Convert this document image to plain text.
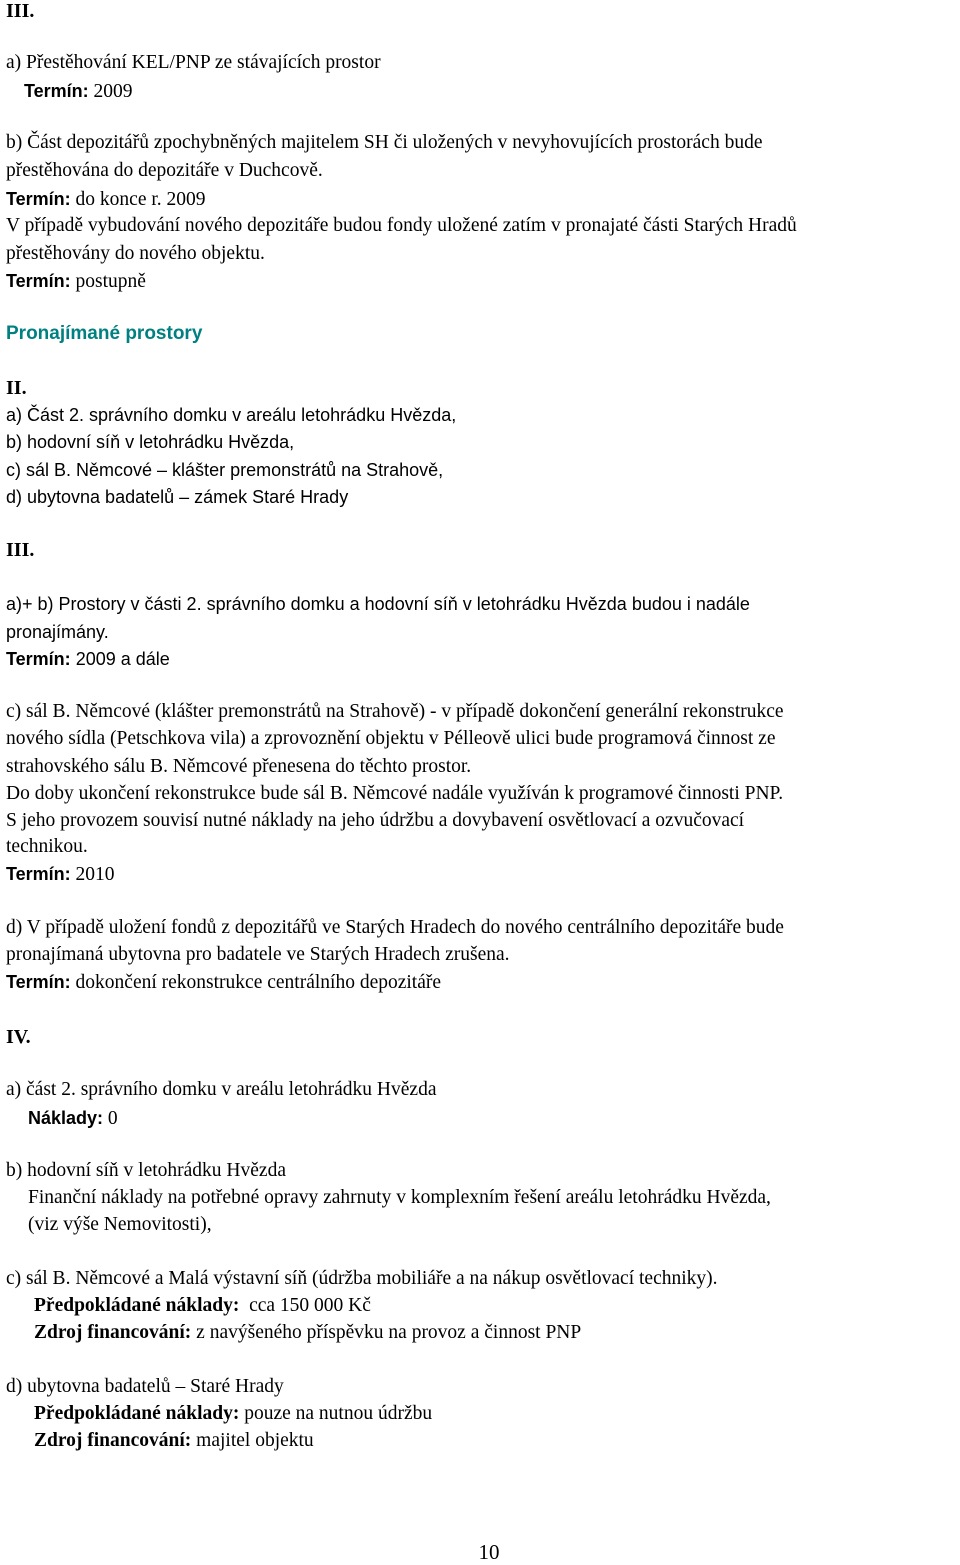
III.
a) Přestěhování KEL/PNP ze stávajících prostor
Termín: 2009
b) Část depozitářů zpochybněných majitelem SH či uložených v nevyhovujících prostorách bude
přestěhována do depozitáře v Duchcově.
Termín: do konce r. 2009
V případě vybudování nového depozitáře budou fondy uložené zatím v pronajaté části Starých Hradů
přestěhovány do nového objektu.
Termín: postupně
Pronajímané prostory
II.
a) Část 2. správního domku v areálu letohrádku Hvězda,
b) hodovní síň v letohrádku Hvězda,
c) sál B. Němcové – klášter premonstrátů na Strahově,
d) ubytovna badatelů – zámek Staré Hrady
III.
a)+ b) Prostory v části 2. správního domku a hodovní síň v letohrádku Hvězda budou i nadále
pronajímány.
Termín: 2009 a dále
c) sál B. Němcové (klášter premonstrátů na Strahově) - v případě dokončení generální rekonstrukce
nového sídla (Petschkova vila) a zprovoznění objektu v Pélleově ulici bude programová činnost ze
strahovského sálu B. Němcové přenesena do těchto prostor.
Do doby ukončení rekonstrukce bude sál B. Němcové nadále využíván k programové činnosti PNP.
S jeho provozem souvisí nutné náklady na jeho údržbu a dovybavení osvětlovací a ozvučovací
technikou.
Termín: 2010
d) V případě uložení fondů z depozitářů ve Starých Hradech do nového centrálního depozitáře bude
pronajímaná ubytovna pro badatele ve Starých Hradech zrušena.
Termín: dokončení rekonstrukce centrálního depozitáře
IV.
a) část 2. správního domku v areálu letohrádku Hvězda
Náklady: 0
b) hodovní síň v letohrádku Hvězda
Finanční náklady na potřebné opravy zahrnuty v komplexním řešení areálu letohrádku Hvězda,
(viz výše Nemovitosti),
c) sál B. Němcové a Malá výstavní síň (údržba mobiliáře a na nákup osvětlovací techniky).
Předpokládané náklady: cca 150 000 Kč
Zdroj financování: z navýšeného příspěvku na provoz a činnost PNP
d) ubytovna badatelů – Staré Hrady
Předpokládané náklady: pouze na nutnou údržbu
Zdroj financování: majitel objektu
10
